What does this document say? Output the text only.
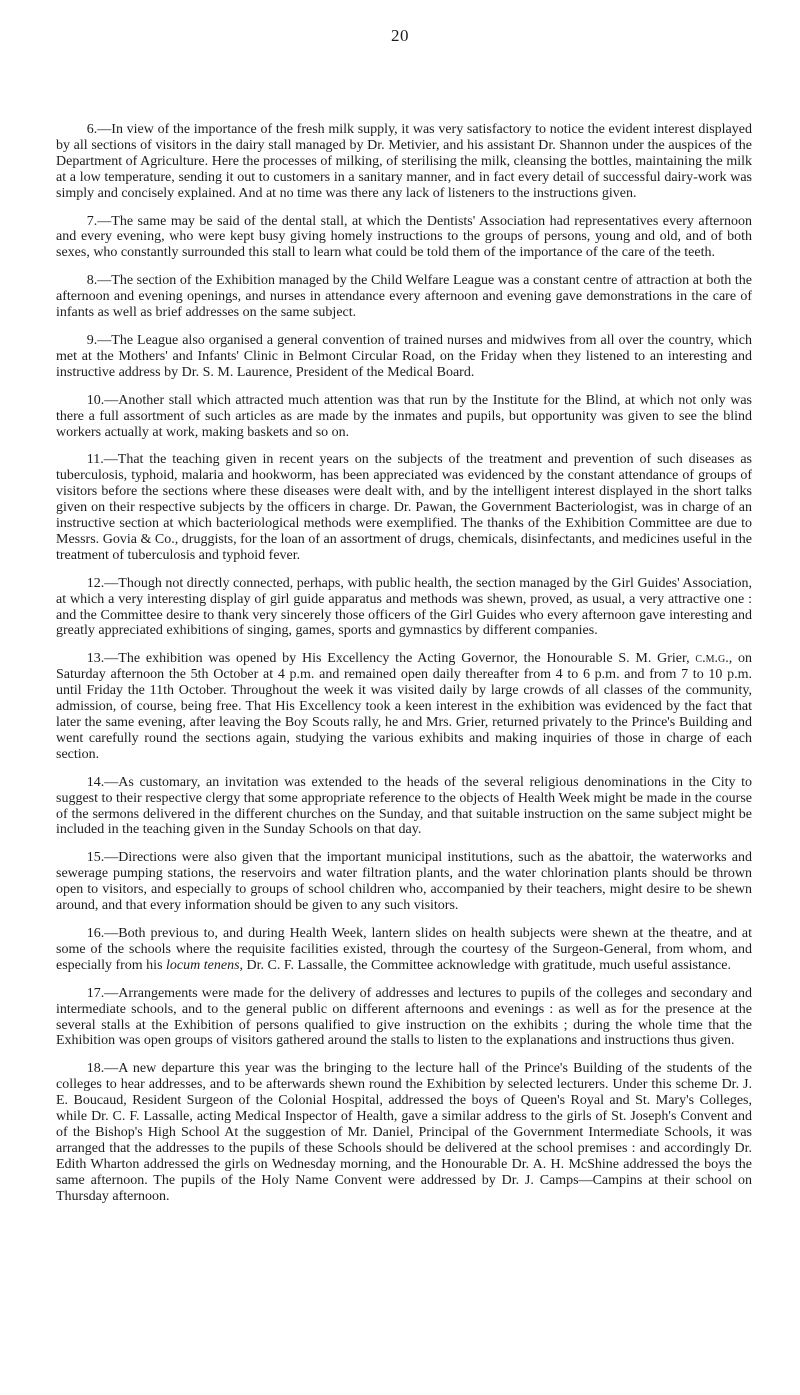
20

6.—In view of the importance of the fresh milk supply, it was very satisfactory to notice the evident interest displayed by all sections of visitors in the dairy stall managed by Dr. Metivier, and his assistant Dr. Shannon under the auspices of the Department of Agriculture. Here the processes of milking, of sterilising the milk, cleansing the bottles, maintaining the milk at a low temperature, sending it out to customers in a sanitary manner, and in fact every detail of successful dairy-work was simply and concisely explained. And at no time was there any lack of listeners to the instructions given.

7.—The same may be said of the dental stall, at which the Dentists' Association had representatives every afternoon and every evening, who were kept busy giving homely instructions to the groups of persons, young and old, and of both sexes, who constantly surrounded this stall to learn what could be told them of the importance of the care of the teeth.

8.—The section of the Exhibition managed by the Child Welfare League was a constant centre of attraction at both the afternoon and evening openings, and nurses in attendance every afternoon and evening gave demonstrations in the care of infants as well as brief addresses on the same subject.

9.—The League also organised a general convention of trained nurses and midwives from all over the country, which met at the Mothers' and Infants' Clinic in Belmont Circular Road, on the Friday when they listened to an interesting and instructive address by Dr. S. M. Laurence, President of the Medical Board.

10.—Another stall which attracted much attention was that run by the Institute for the Blind, at which not only was there a full assortment of such articles as are made by the inmates and pupils, but opportunity was given to see the blind workers actually at work, making baskets and so on.

11.—That the teaching given in recent years on the subjects of the treatment and prevention of such diseases as tuberculosis, typhoid, malaria and hookworm, has been appreciated was evidenced by the constant attendance of groups of visitors before the sections where these diseases were dealt with, and by the intelligent interest displayed in the short talks given on their respective subjects by the officers in charge. Dr. Pawan, the Government Bacteriologist, was in charge of an instructive section at which bacteriological methods were exemplified. The thanks of the Exhibition Committee are due to Messrs. Govia & Co., druggists, for the loan of an assortment of drugs, chemicals, disinfectants, and medicines useful in the treatment of tuberculosis and typhoid fever.

12.—Though not directly connected, perhaps, with public health, the section managed by the Girl Guides' Association, at which a very interesting display of girl guide apparatus and methods was shewn, proved, as usual, a very attractive one : and the Committee desire to thank very sincerely those officers of the Girl Guides who every afternoon gave interesting and greatly appreciated exhibitions of singing, games, sports and gymnastics by different companies.

13.—The exhibition was opened by His Excellency the Acting Governor, the Honourable S. M. Grier, c.m.g., on Saturday afternoon the 5th October at 4 p.m. and remained open daily thereafter from 4 to 6 p.m. and from 7 to 10 p.m. until Friday the 11th October. Throughout the week it was visited daily by large crowds of all classes of the community, admission, of course, being free. That His Excellency took a keen interest in the exhibition was evidenced by the fact that later the same evening, after leaving the Boy Scouts rally, he and Mrs. Grier, returned privately to the Prince's Building and went carefully round the sections again, studying the various exhibits and making inquiries of those in charge of each section.

14.—As customary, an invitation was extended to the heads of the several religious denominations in the City to suggest to their respective clergy that some appropriate reference to the objects of Health Week might be made in the course of the sermons delivered in the different churches on the Sunday, and that suitable instruction on the same subject might be included in the teaching given in the Sunday Schools on that day.

15.—Directions were also given that the important municipal institutions, such as the abattoir, the waterworks and sewerage pumping stations, the reservoirs and water filtration plants, and the water chlorination plants should be thrown open to visitors, and especially to groups of school children who, accompanied by their teachers, might desire to be shewn around, and that every information should be given to any such visitors.

16.—Both previous to, and during Health Week, lantern slides on health subjects were shewn at the theatre, and at some of the schools where the requisite facilities existed, through the courtesy of the Surgeon-General, from whom, and especially from his locum tenens, Dr. C. F. Lassalle, the Committee acknowledge with gratitude, much useful assistance.

17.—Arrangements were made for the delivery of addresses and lectures to pupils of the colleges and secondary and intermediate schools, and to the general public on different afternoons and evenings : as well as for the presence at the several stalls at the Exhibition of persons qualified to give instruction on the exhibits ; during the whole time that the Exhibition was open groups of visitors gathered around the stalls to listen to the explanations and instructions thus given.

18.—A new departure this year was the bringing to the lecture hall of the Prince's Building of the students of the colleges to hear addresses, and to be afterwards shewn round the Exhibition by selected lecturers. Under this scheme Dr. J. E. Boucaud, Resident Surgeon of the Colonial Hospital, addressed the boys of Queen's Royal and St. Mary's Colleges, while Dr. C. F. Lassalle, acting Medical Inspector of Health, gave a similar address to the girls of St. Joseph's Convent and of the Bishop's High School At the suggestion of Mr. Daniel, Principal of the Government Intermediate Schools, it was arranged that the addresses to the pupils of these Schools should be delivered at the school premises : and accordingly Dr. Edith Wharton addressed the girls on Wednesday morning, and the Honourable Dr. A. H. McShine addressed the boys the same afternoon. The pupils of the Holy Name Convent were addressed by Dr. J. Camps—Campins at their school on Thursday afternoon.
